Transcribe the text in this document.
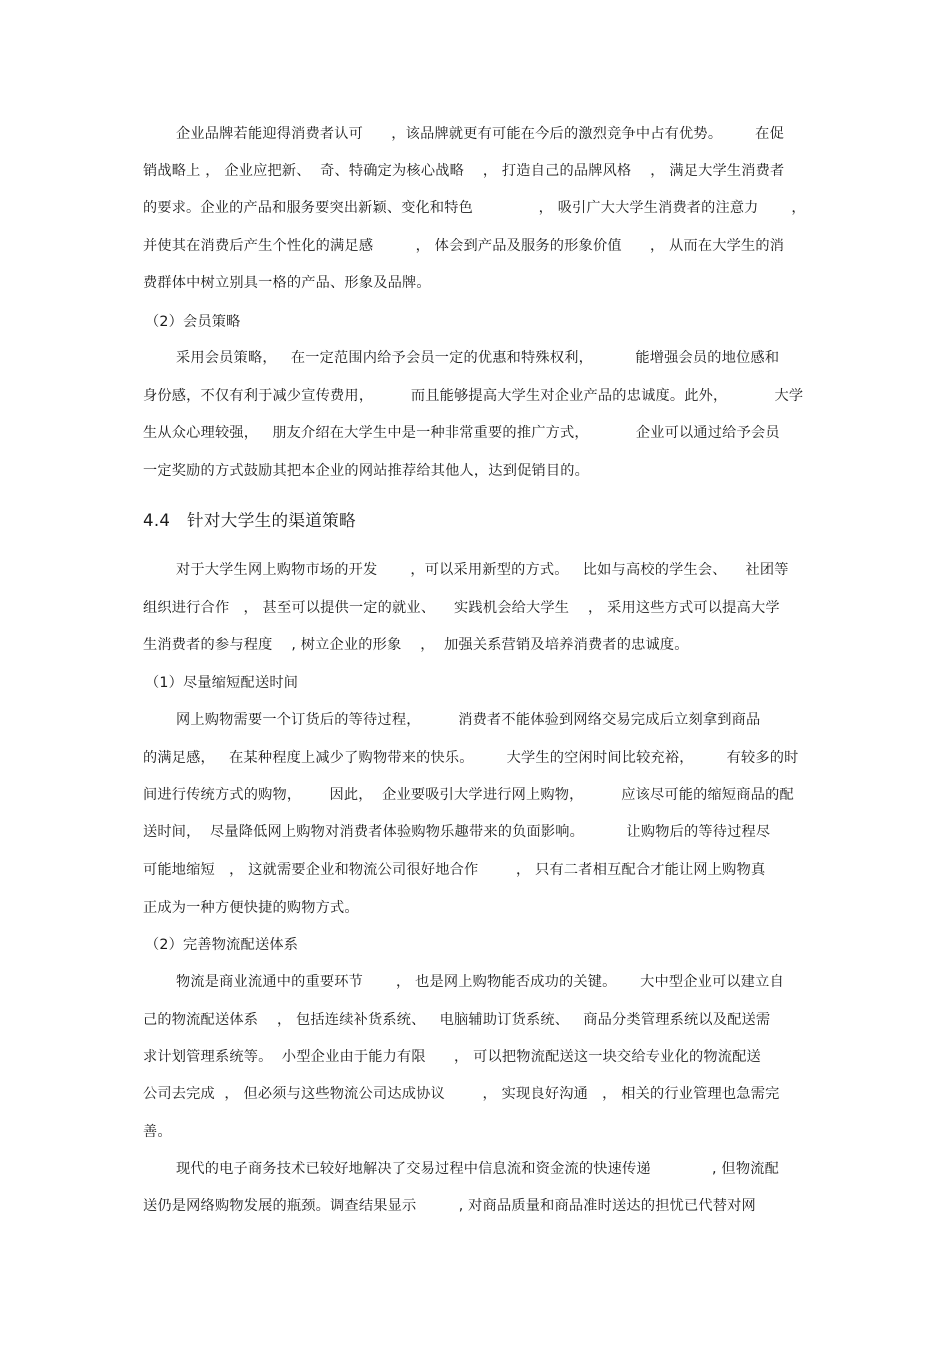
企业品牌若能迎得消费者认可      ，该品牌就更有可能在今后的激烈竞争中占有优势。       在促
销战略上 ， 企业应把新、  奇、特确定为核心战略    ， 打造自己的品牌风格    ， 满足大学生消费者
的要求。企业的产品和服务要突出新颖、变化和特色              ， 吸引广大大学生消费者的注意力       ，
并使其在消费后产生个性化的满足感         ， 体会到产品及服务的形象价值      ， 从而在大学生的消
费群体中树立别具一格的产品、形象及品牌。
（2）会员策略
采用会员策略，   在一定范围内给予会员一定的优惠和特殊权利，         能增强会员的地位感和
身份感，不仅有利于减少宣传费用，        而且能够提高大学生对企业产品的忠诚度。此外，          大学
生从众心理较强，   朋友介绍在大学生中是一种非常重要的推广方式，          企业可以通过给予会员
一定奖励的方式鼓励其把本企业的网站推荐给其他人，达到促销目的。
4.4   针对大学生的渠道策略
对于大学生网上购物市场的开发       ，可以采用新型的方式。   比如与高校的学生会、    社团等
组织进行合作   ， 甚至可以提供一定的就业、    实践机会给大学生    ， 采用这些方式可以提高大学
生消费者的参与程度    , 树立企业的形象    ，  加强关系营销及培养消费者的忠诚度。
（1）尽量缩短配送时间
网上购物需要一个订货后的等待过程，        消费者不能体验到网络交易完成后立刻拿到商品
的满足感，   在某种程度上减少了购物带来的快乐。       大学生的空闲时间比较充裕，       有较多的时
间进行传统方式的购物，      因此，  企业要吸引大学进行网上购物，        应该尽可能的缩短商品的配
送时间，  尽量降低网上购物对消费者体验购物乐趣带来的负面影响。         让购物后的等待过程尽
可能地缩短   ， 这就需要企业和物流公司很好地合作        ， 只有二者相互配合才能让网上购物真
正成为一种方便快捷的购物方式。
（2）完善物流配送体系
物流是商业流通中的重要环节       ， 也是网上购物能否成功的关键。     大中型企业可以建立自
己的物流配送体系    ， 包括连续补货系统、   电脑辅助订货系统、   商品分类管理系统以及配送需
求计划管理系统等。  小型企业由于能力有限      ， 可以把物流配送这一块交给专业化的物流配送
公司去完成  ， 但必须与这些物流公司达成协议        ， 实现良好沟通   ， 相关的行业管理也急需完
善。
现代的电子商务技术已较好地解决了交易过程中信息流和资金流的快速传递             , 但物流配
送仍是网络购物发展的瓶颈。调查结果显示         , 对商品质量和商品准时送达的担忧已代替对网
